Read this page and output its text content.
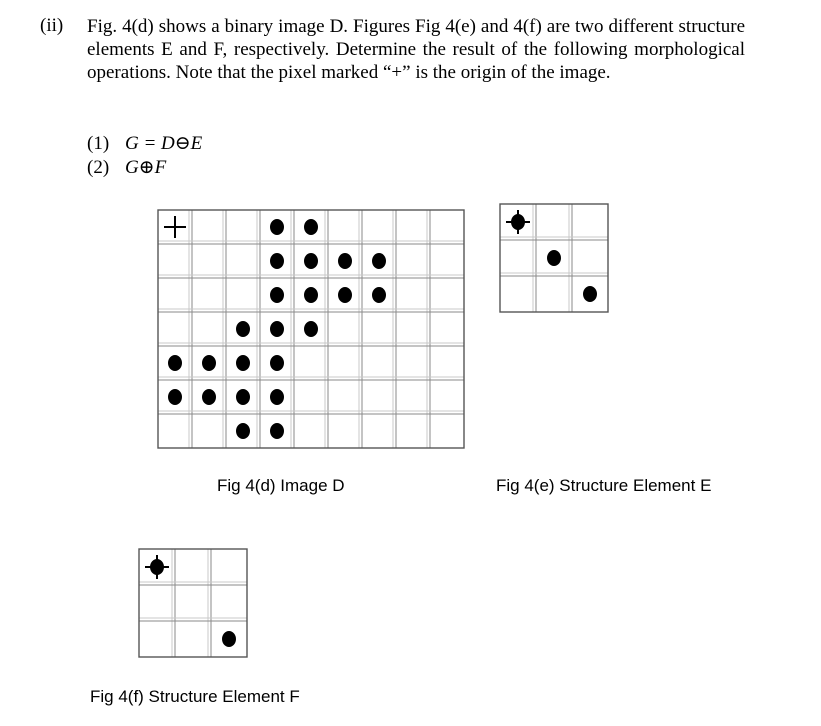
(ii) Fig. 4(d) shows a binary image D. Figures Fig 4(e) and 4(f) are two different structure elements E and F, respectively. Determine the result of the following morphological operations. Note that the pixel marked “+” is the origin of the image.

(1) G = D⊖E
(2) G⊕F
Fig 4(d) Image D	Fig 4(e) Structure Element E
Fig 4(f) Structure Element F
